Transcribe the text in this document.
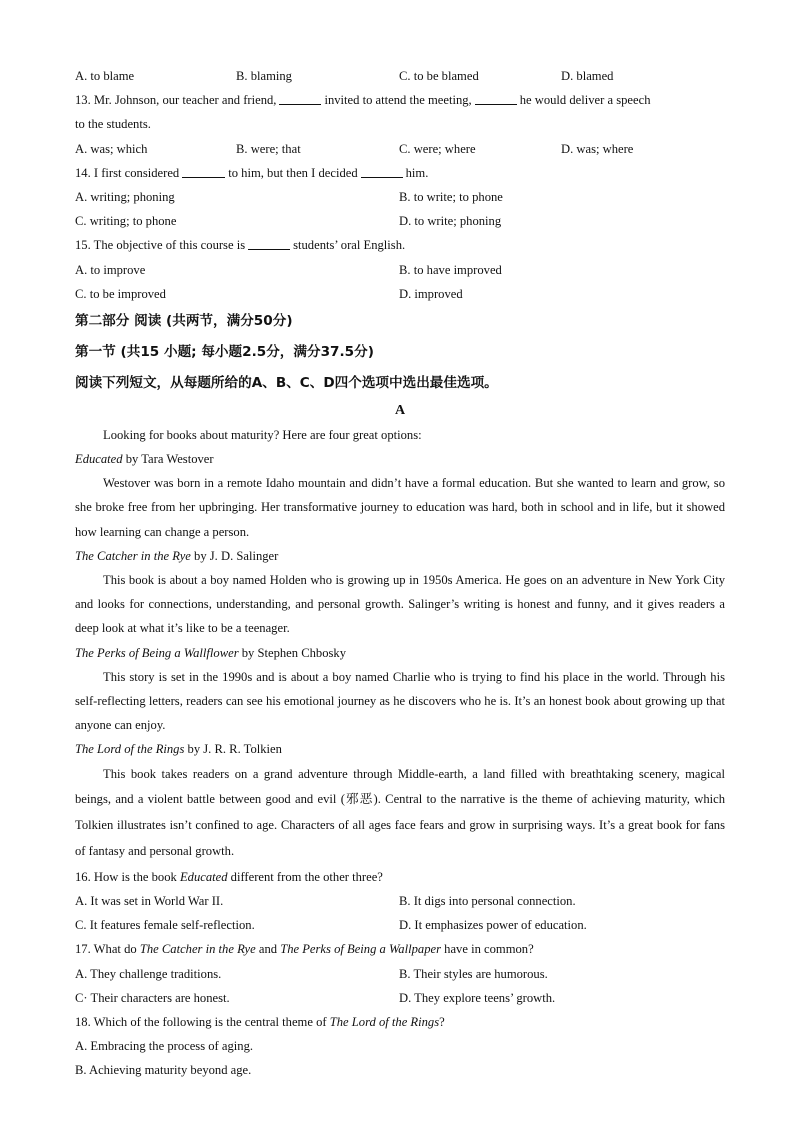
A. to blame	B. blaming	C. to be blamed	D. blamed
13. Mr. Johnson, our teacher and friend,	invited to attend the meeting,	he would deliver a speech
to the students.
A. was; which	B. were; that	C. were; where	D. was; where
14. I first considered	to him, but then I decided	him.
A. writing; phoning	B. to write; to phone
C. writing; to phone	D. to write; phoning
15. The objective of this course is	students’ oral English.
A. to improve	B. to have improved
C. to be improved	D. improved
第二部分 阅读 (共两节，满分50分)
第一节 (共15 小题; 每小题2.5分，满分37.5分)
阅读下列短文，从每题所给的A、B、C、D四个选项中选出最佳选项。
A
Looking for books about maturity? Here are four great options:
Educated by Tara Westover
Westover was born in a remote Idaho mountain and didn’t have a formal education. But she wanted to learn and grow, so she broke free from her upbringing. Her transformative journey to education was hard, both in school and in life, but it showed how learning can change a person.
The Catcher in the Rye by J. D. Salinger
This book is about a boy named Holden who is growing up in 1950s America. He goes on an adventure in New York City and looks for connections, understanding, and personal growth. Salinger’s writing is honest and funny, and it gives readers a deep look at what it’s like to be a teenager.
The Perks of Being a Wallflower by Stephen Chbosky
This story is set in the 1990s and is about a boy named Charlie who is trying to find his place in the world. Through his self-reflecting letters, readers can see his emotional journey as he discovers who he is. It’s an honest book about growing up that anyone can enjoy.
The Lord of the Rings by J. R. R. Tolkien
This book takes readers on a grand adventure through Middle-earth, a land filled with breathtaking scenery, magical beings, and a violent battle between good and evil (邪恶). Central to the narrative is the theme of achieving maturity, which Tolkien illustrates isn’t confined to age. Characters of all ages face fears and grow in surprising ways. It’s a great book for fans of fantasy and personal growth.
16. How is the book Educated different from the other three?
A. It was set in World War II.	B. It digs into personal connection.
C. It features female self-reflection.	D. It emphasizes power of education.
17. What do The Catcher in the Rye and The Perks of Being a Wallpaper have in common?
A. They challenge traditions.	B. Their styles are humorous.
C· Their characters are honest.	D. They explore teens’ growth.
18. Which of the following is the central theme of The Lord of the Rings?
A. Embracing the process of aging.
B. Achieving maturity beyond age.
